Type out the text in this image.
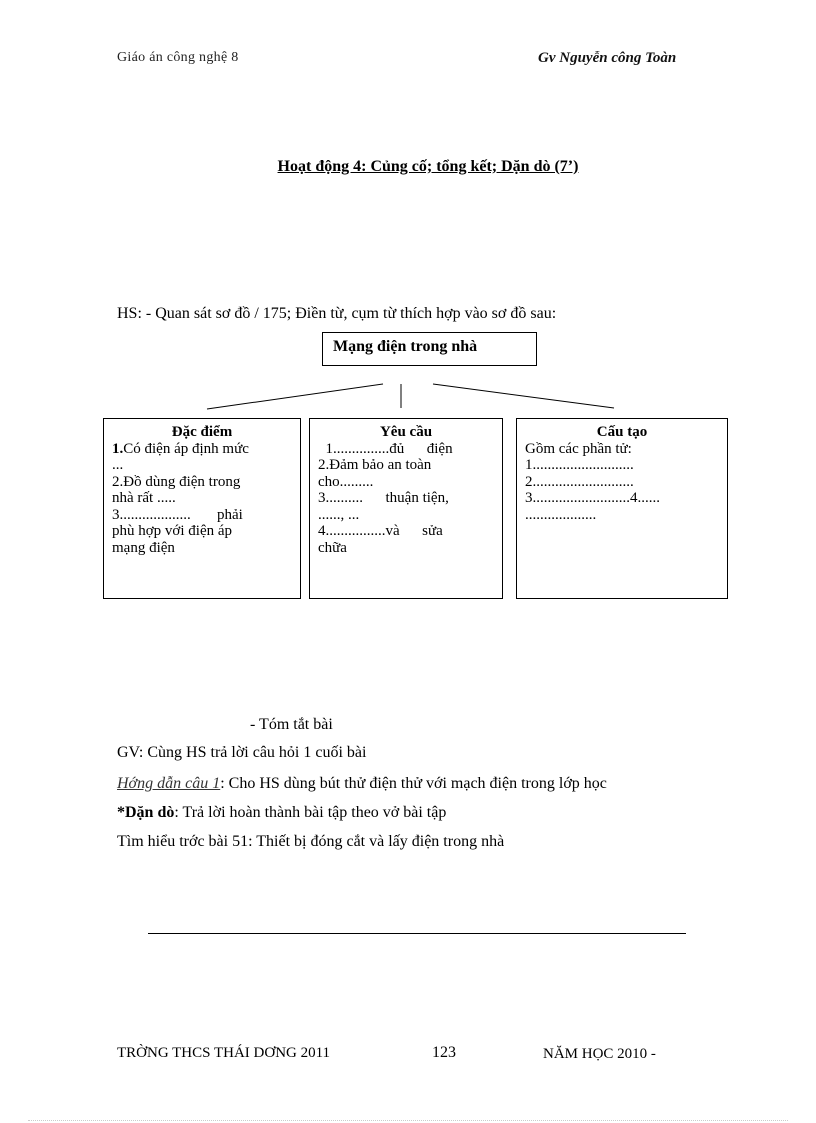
Giáo án công nghệ 8	Gv Nguyễn công Toàn
Hoạt động 4: Củng cố; tổng kết; Dặn dò (7’)
HS: - Quan sát sơ đồ / 175; Điền từ, cụm từ thích hợp vào sơ đồ sau:
Mạng điện trong nhà
Đặc điểm
1.Có điện áp định mức
...
2.Đồ dùng điện trong
nhà rất .....
3...................       phải
phù hợp với điện áp
mạng điện
Yêu cầu
1...............đủ      điện
2.Đảm bảo an toàn
cho.........
3..........      thuận tiện,
......, ...
4................và      sửa
chữa
Cấu tạo
Gồm các phần tử:
1...........................
2...........................
3..........................4......
...................
- Tóm tắt bài
GV: Cùng HS trả lời câu hỏi 1 cuối bài
Hớng dẫn câu 1: Cho HS dùng bút thử điện thử với mạch điện trong lớp học
*Dặn dò: Trả lời hoàn thành bài tập theo vở bài tập
Tìm hiểu trớc bài 51: Thiết bị đóng cắt và lấy điện trong nhà
TRỜNG THCS THÁI DƠNG 2011	123	NĂM HỌC 2010 -
